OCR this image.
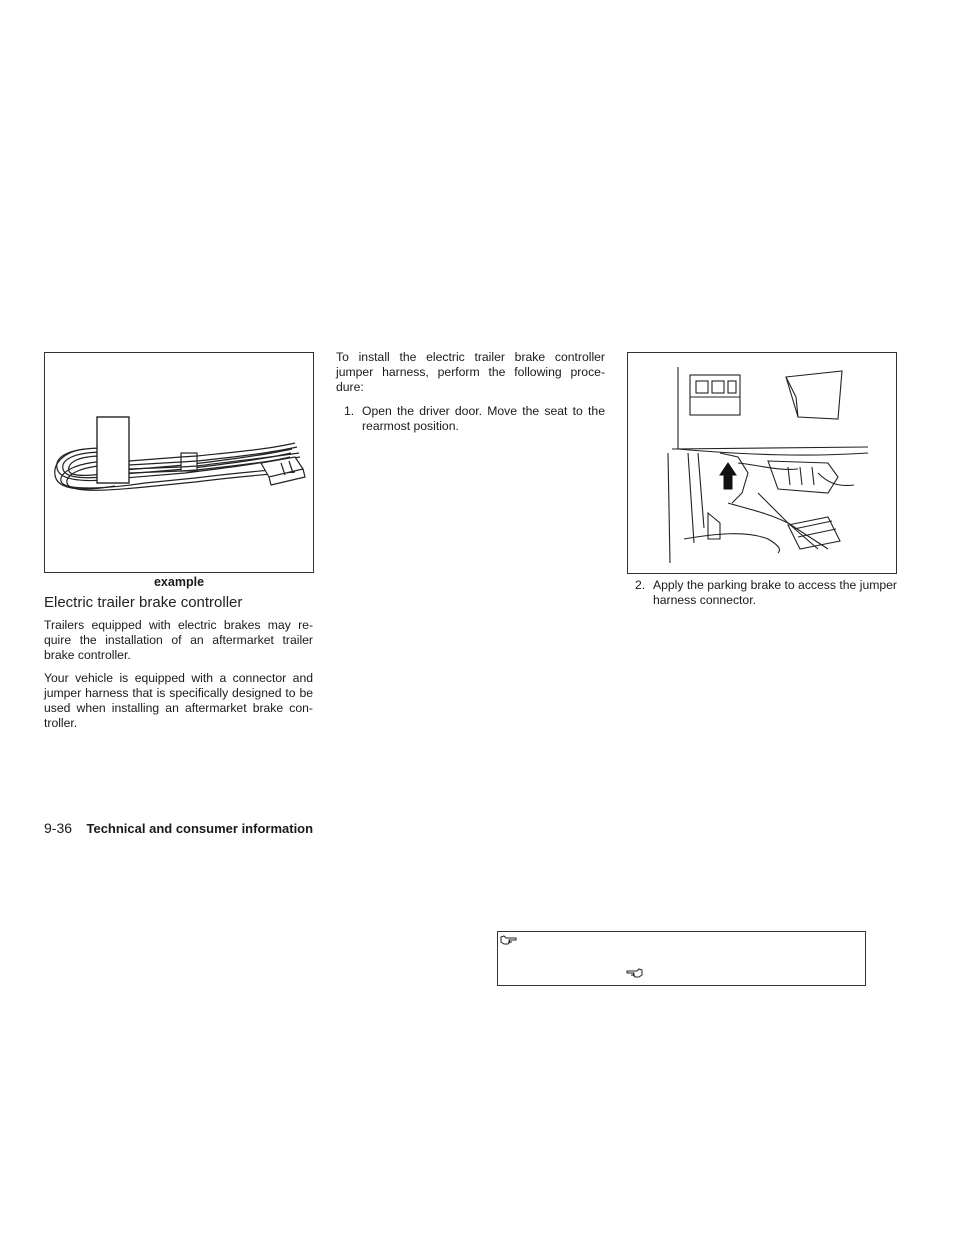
example
Electric trailer brake controller
Trailers equipped with electric brakes may re-quire the installation of an aftermarket trailer brake controller.
Your vehicle is equipped with a connector and jumper harness that is specifically designed to be used when installing an aftermarket brake con-troller.
To install the electric trailer brake controller jumper harness, perform the following proce-dure:
1. Open the driver door. Move the seat to the rearmost position.
2. Apply the parking brake to access the jumper harness connector.
9-36 Technical and consumer information
